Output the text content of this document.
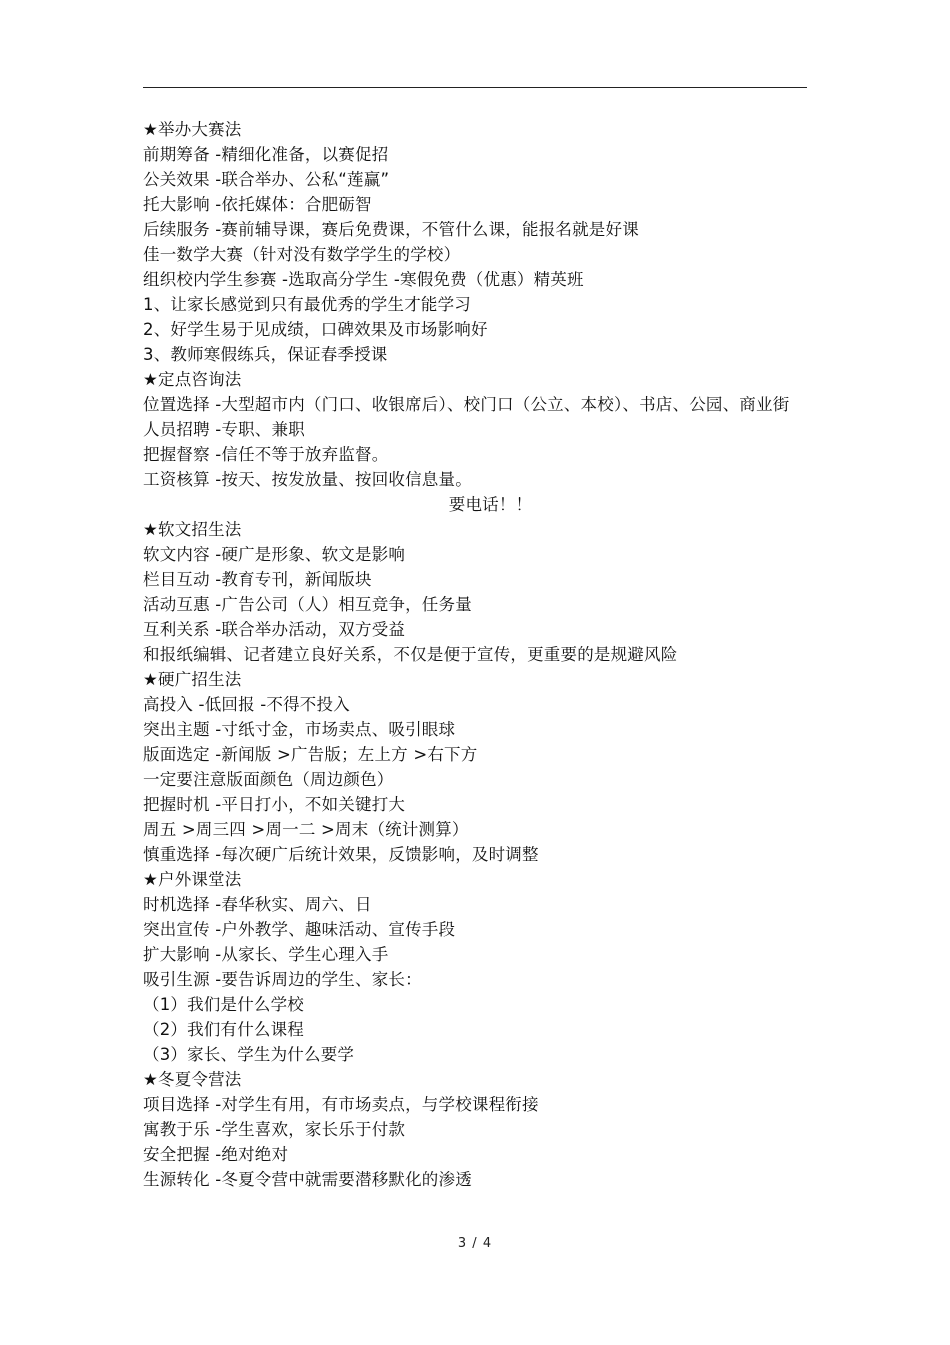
★举办大赛法
前期筹备 -精细化准备，以赛促招
公关效果 -联合举办、公私“莲赢”
托大影响 -依托媒体：合肥砺智
后续服务 -赛前辅导课，赛后免费课，不管什么课，能报名就是好课
佳一数学大赛（针对没有数学学生的学校）
组织校内学生参赛 -选取高分学生 -寒假免费（优惠）精英班
1、让家长感觉到只有最优秀的学生才能学习
2、好学生易于见成绩，口碑效果及市场影响好
3、教师寒假练兵，保证春季授课
★定点咨询法
位置选择 -大型超市内（门口、收银席后）、校门口（公立、本校）、书店、公园、商业街
人员招聘 -专职、兼职
把握督察 -信任不等于放弃监督。
工资核算 -按天、按发放量、按回收信息量。
要电话！！
★软文招生法
软文内容 -硬广是形象、软文是影响
栏目互动 -教育专刊，新闻版块
活动互惠 -广告公司（人）相互竞争，任务量
互利关系 -联合举办活动，双方受益
和报纸编辑、记者建立良好关系，不仅是便于宣传，更重要的是规避风险
★硬广招生法
高投入 -低回报 -不得不投入
突出主题 -寸纸寸金，市场卖点、吸引眼球
版面选定 -新闻版 >广告版；左上方 >右下方
一定要注意版面颜色（周边颜色）
把握时机 -平日打小，不如关键打大
周五 >周三四 >周一二 >周末（统计测算）
慎重选择 -每次硬广后统计效果，反馈影响，及时调整
★户外课堂法
时机选择 -春华秋实、周六、日
突出宣传 -户外教学、趣味活动、宣传手段
扩大影响 -从家长、学生心理入手
吸引生源 -要告诉周边的学生、家长：
（1）我们是什么学校
（2）我们有什么课程
（3）家长、学生为什么要学
★冬夏令营法
项目选择 -对学生有用，有市场卖点，与学校课程衔接
寓教于乐 -学生喜欢，家长乐于付款
安全把握 -绝对绝对
生源转化 -冬夏令营中就需要潜移默化的渗透
3 / 4
